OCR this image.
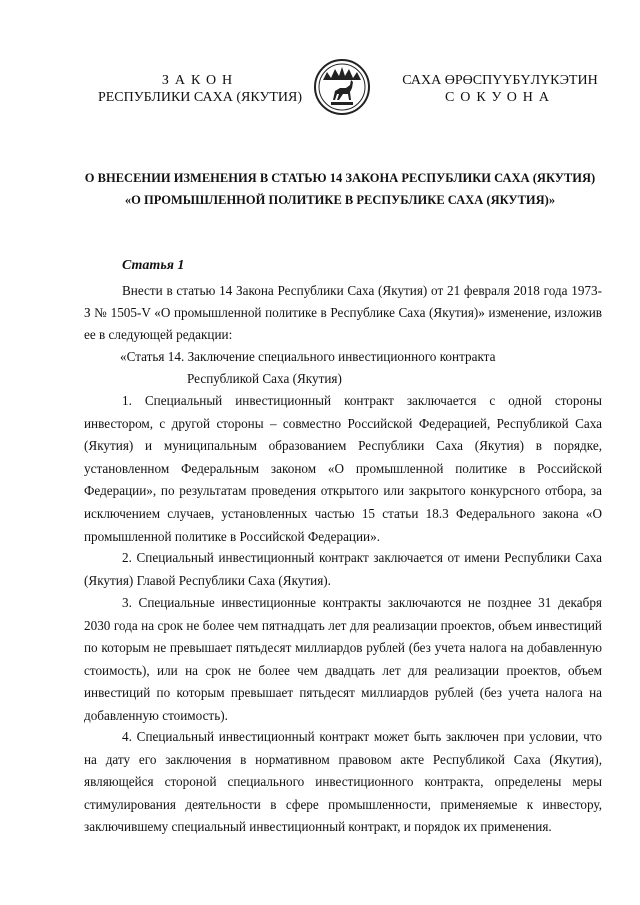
ЗАКОН
РЕСПУБЛИКИ САХА (ЯКУТИЯ)
САХА ӨРӨСПҮҮБҮЛҮКЭТИН
СОКУОНА
О ВНЕСЕНИИ ИЗМЕНЕНИЯ В СТАТЬЮ 14 ЗАКОНА РЕСПУБЛИКИ САХА (ЯКУТИЯ)
«О ПРОМЫШЛЕННОЙ ПОЛИТИКЕ В РЕСПУБЛИКЕ САХА (ЯКУТИЯ)»
Статья 1
Внести в статью 14 Закона Республики Саха (Якутия) от 21 февраля 2018 года 1973-З № 1505-V «О промышленной политике в Республике Саха (Якутия)» изменение, изложив ее в следующей редакции:
«Статья 14. Заключение специального инвестиционного контракта
Республикой Саха (Якутия)
1. Специальный инвестиционный контракт заключается с одной стороны инвестором, с другой стороны – совместно Российской Федерацией, Республикой Саха (Якутия) и муниципальным образованием Республики Саха (Якутия) в порядке, установленном Федеральным законом «О промышленной политике в Российской Федерации», по результатам проведения открытого или закрытого конкурсного отбора, за исключением случаев, установленных частью 15 статьи 18.3 Федерального закона «О промышленной политике в Российской Федерации».
2. Специальный инвестиционный контракт заключается от имени Республики Саха (Якутия) Главой Республики Саха (Якутия).
3. Специальные инвестиционные контракты заключаются не позднее 31 декабря 2030 года на срок не более чем пятнадцать лет для реализации проектов, объем инвестиций по которым не превышает пятьдесят миллиардов рублей (без учета налога на добавленную стоимость), или на срок не более чем двадцать лет для реализации проектов, объем инвестиций по которым превышает пятьдесят миллиардов рублей (без учета налога на добавленную стоимость).
4. Специальный инвестиционный контракт может быть заключен при условии, что на дату его заключения в нормативном правовом акте Республикой Саха (Якутия), являющейся стороной специального инвестиционного контракта, определены меры стимулирования деятельности в сфере промышленности, применяемые к инвестору, заключившему специальный инвестиционный контракт, и порядок их применения.
